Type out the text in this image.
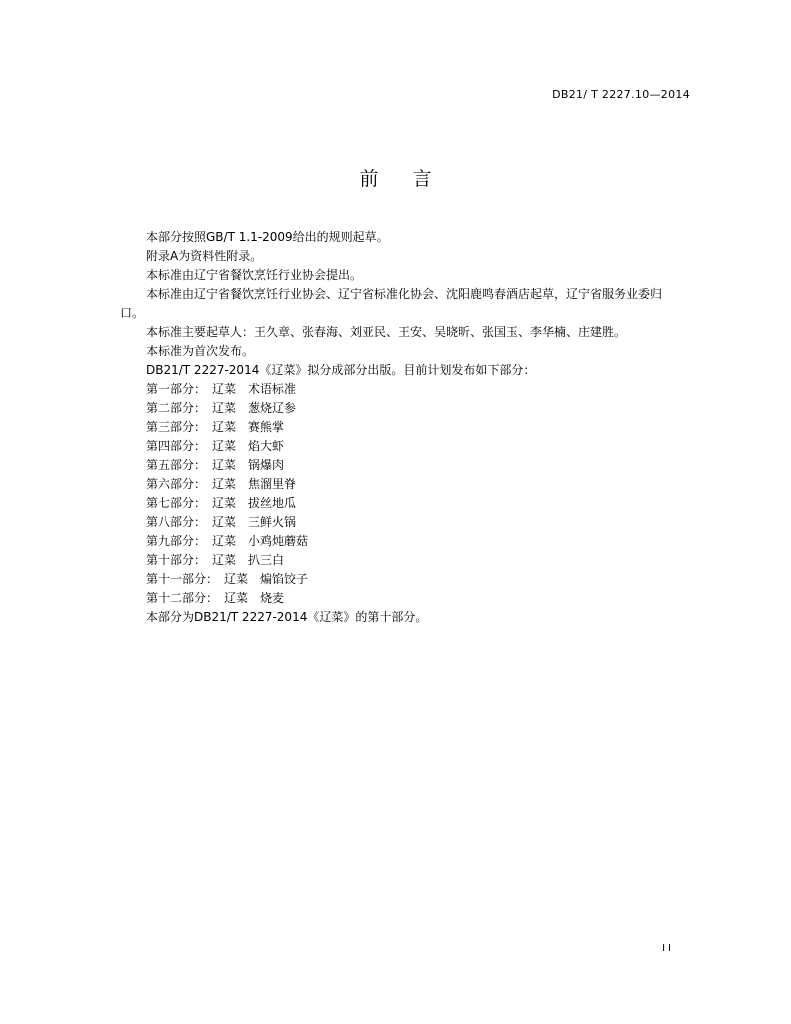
DB21/ T 2227.10—2014
前言

本部分按照GB/T 1.1-2009给出的规则起草。

附录A为资料性附录。

本标准由辽宁省餐饮烹饪行业协会提出。

本标准由辽宁省餐饮烹饪行业协会、辽宁省标准化协会、沈阳鹿鸣春酒店起草，辽宁省服务业委归口。

本标准主要起草人：王久章、张春海、刘亚民、王安、吴晓昕、张国玉、李华楠、庄建胜。

本标准为首次发布。

DB21/T 2227-2014《辽菜》拟分成部分出版。目前计划发布如下部分：

第一部分： 辽菜 术语标准
第二部分： 辽菜 葱烧辽参
第三部分： 辽菜 赛熊掌
第四部分： 辽菜 焰大虾
第五部分： 辽菜 锅爆肉
第六部分： 辽菜 焦溜里脊
第七部分： 辽菜 拔丝地瓜
第八部分： 辽菜 三鲜火锅
第九部分： 辽菜 小鸡炖蘑菇
第十部分： 辽菜 扒三白
第十一部分： 辽菜 煸馅饺子
第十二部分： 辽菜 烧麦

本部分为DB21/T 2227-2014《辽菜》的第十部分。

II
